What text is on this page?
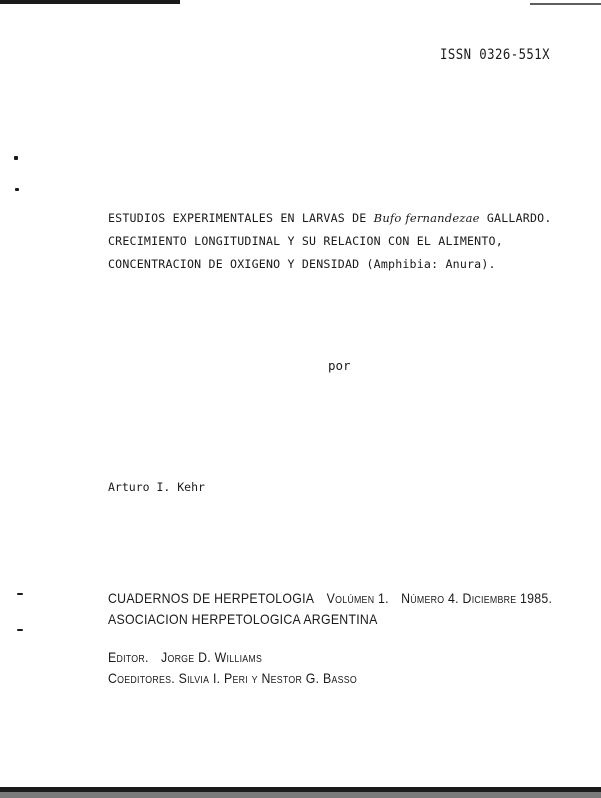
ISSN 0326-551X
ESTUDIOS EXPERIMENTALES EN LARVAS DE Bufo fernandezae GALLARDO.
CRECIMIENTO LONGITUDINAL Y SU RELACION CON EL ALIMENTO,
CONCENTRACION DE OXIGENO Y DENSIDAD (Amphibia: Anura).
por
Arturo I. Kehr
CUADERNOS DE HERPETOLOGIA Volúmen 1. Número 4. Diciembre 1985.
ASOCIACION HERPETOLOGICA ARGENTINA
Editor. Jorge D. Williams
Coeditores. Silvia I. Peri y Nestor G. Basso
